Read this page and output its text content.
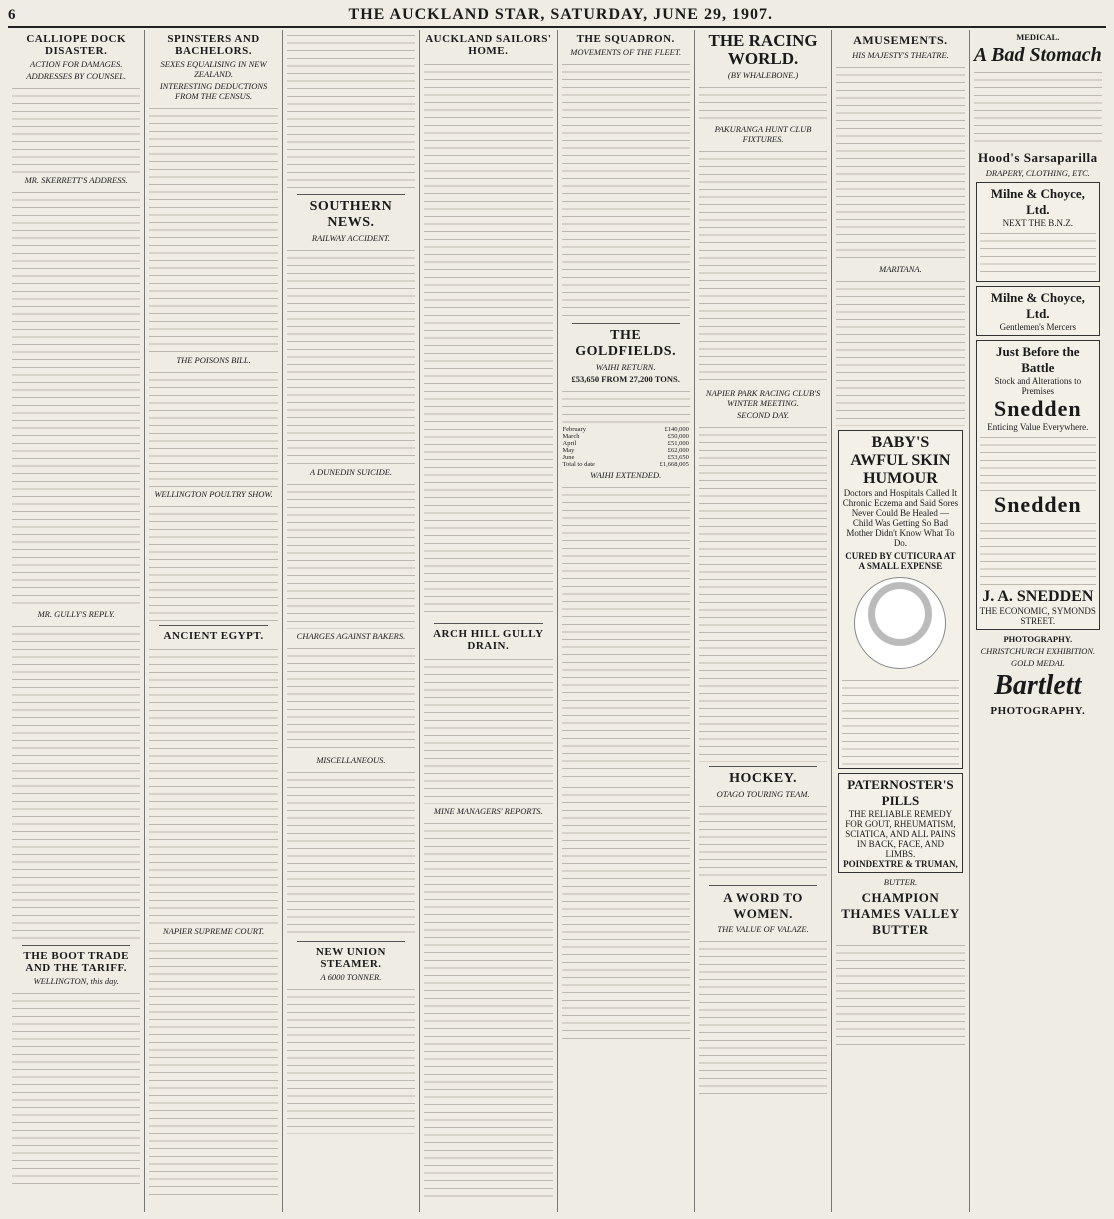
6	THE AUCKLAND STAR, SATURDAY, JUNE 29, 1907.
CALLIOPE DOCK DISASTER.
ACTION FOR DAMAGES.
ADDRESSES BY COUNSEL.
MR. SKERRETT'S ADDRESS.
MR. GULLY'S REPLY.
THE BOOT TRADE AND THE TARIFF.
WELLINGTON, this day.
SPINSTERS AND BACHELORS.
SEXES EQUALISING IN NEW ZEALAND.
INTERESTING DEDUCTIONS FROM THE CENSUS.
THE POISONS BILL.
WELLINGTON POULTRY SHOW.
ANCIENT EGYPT.
NAPIER SUPREME COURT.
SOUTHERN NEWS.
RAILWAY ACCIDENT.
A DUNEDIN SUICIDE.
CHARGES AGAINST BAKERS.
MISCELLANEOUS.
NEW UNION STEAMER.
A 6000 TONNER.
AUCKLAND SAILORS' HOME.
ARCH HILL GULLY DRAIN.
MINE MANAGERS' REPORTS.
THE SQUADRON.
MOVEMENTS OF THE FLEET.
THE GOLDFIELDS.
WAIHI RETURN.
£53,650 FROM 27,200 TONS.
February	£140,000
March	£50,000
April	£51,000
May	£62,000
June	£53,650
Total to date	£1,668,005
WAIHI EXTENDED.
THE RACING WORLD.
(BY WHALEBONE.)
PAKURANGA HUNT CLUB FIXTURES.
NAPIER PARK RACING CLUB'S WINTER MEETING.
SECOND DAY.
HOCKEY.
OTAGO TOURING TEAM.
A WORD TO WOMEN.
THE VALUE OF VALAZE.
AMUSEMENTS.
HIS MAJESTY'S THEATRE.
MARITANA.
BABY'S AWFUL SKIN HUMOUR
Doctors and Hospitals Called It Chronic Eczema and Said Sores Never Could Be Healed — Child Was Getting So Bad Mother Didn't Know What To Do.
CURED BY CUTICURA AT A SMALL EXPENSE
PATERNOSTER'S PILLS
THE RELIABLE REMEDY FOR GOUT, RHEUMATISM, SCIATICA, AND ALL PAINS IN BACK, FACE, AND LIMBS.
POINDEXTRE & TRUMAN,
BUTTER.
CHAMPION THAMES VALLEY BUTTER
MEDICAL.
A Bad Stomach
Hood's Sarsaparilla
DRAPERY, CLOTHING, ETC.
Milne & Choyce, Ltd.
NEXT THE B.N.Z.
Milne & Choyce, Ltd.
Gentlemen's Mercers
Just Before the Battle
Stock and Alterations to Premises
Snedden
Enticing Value Everywhere.
Snedden
J. A. SNEDDEN
THE ECONOMIC, SYMONDS STREET.
PHOTOGRAPHY.
CHRISTCHURCH EXHIBITION.
GOLD MEDAL
Bartlett
PHOTOGRAPHY.
